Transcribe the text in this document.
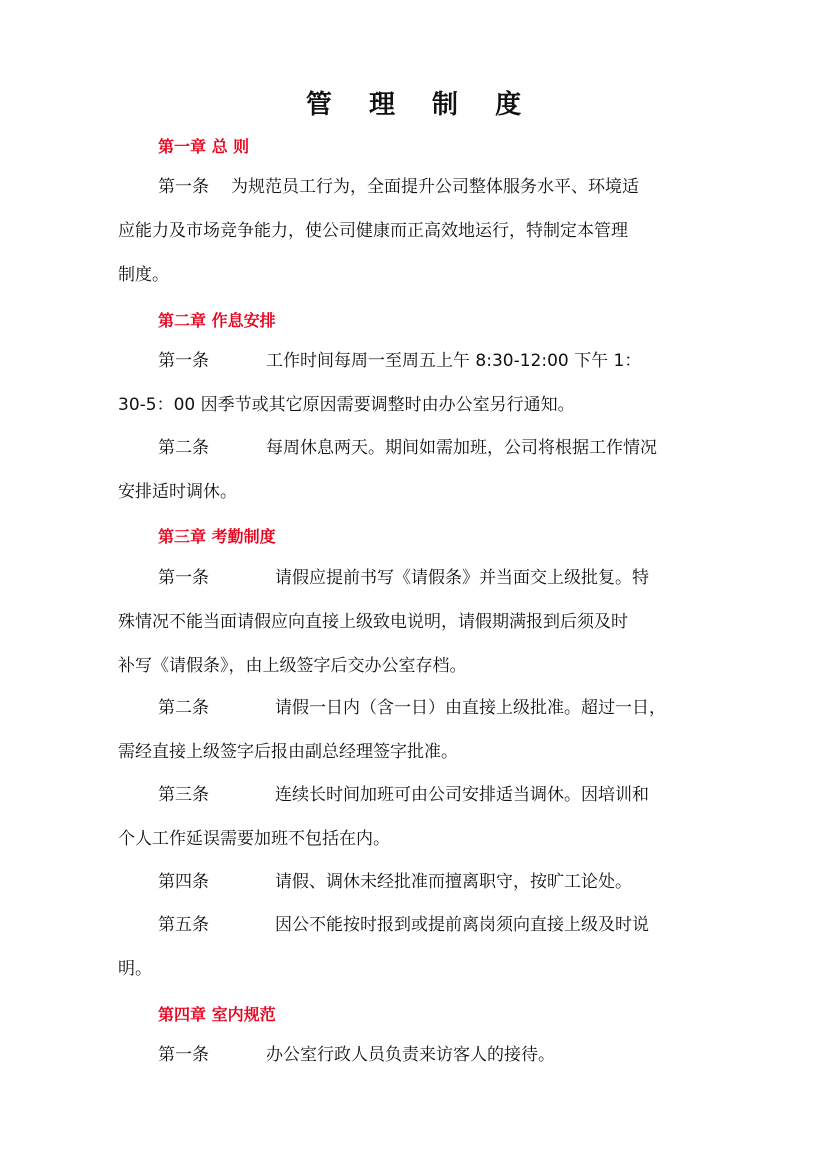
管 理 制 度
第一章 总 则

第一条 为规范员工行为，全面提升公司整体服务水平、环境适

应能力及市场竞争能力，使公司健康而正高效地运行，特制定本管理

制度。

第二章 作息安排

第一条	工作时间每周一至周五上午 8:30-12:00 下午 1：

30-5：00 因季节或其它原因需要调整时由办公室另行通知。

第二条	每周休息两天。期间如需加班，公司将根据工作情况

安排适时调休。

第三章 考勤制度

第一条	请假应提前书写《请假条》并当面交上级批复。特

殊情况不能当面请假应向直接上级致电说明，请假期满报到后须及时

补写《请假条》，由上级签字后交办公室存档。

第二条	请假一日内（含一日）由直接上级批准。超过一日，

需经直接上级签字后报由副总经理签字批准。

第三条	连续长时间加班可由公司安排适当调休。因培训和

个人工作延误需要加班不包括在内。

第四条	请假、调休未经批准而擅离职守，按旷工论处。

第五条	因公不能按时报到或提前离岗须向直接上级及时说

明。

第四章 室内规范

第一条	办公室行政人员负责来访客人的接待。
